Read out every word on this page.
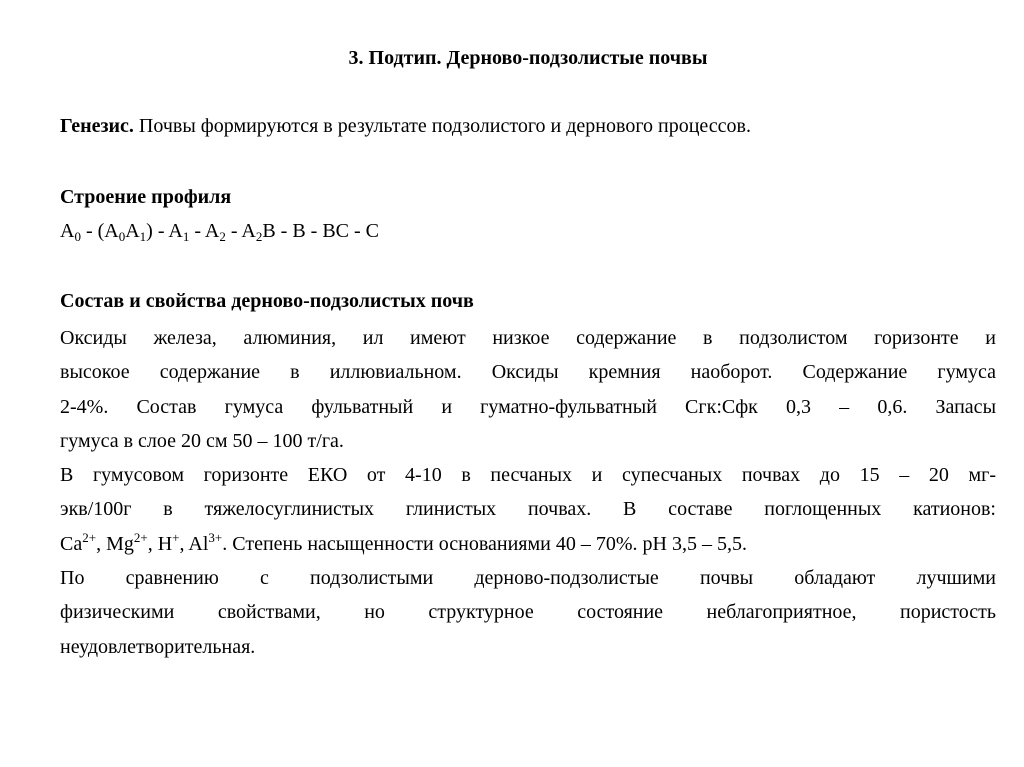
3. Подтип. Дерново-подзолистые почвы

Генезис. Почвы формируются в результате подзолистого и дернового процессов.

Строение профиля

$A_0 - (A_0A_1) - A_1 - A_2 - A_2B$ - B - BC - C

Состав и свойства дерново-подзолистых почв

Оксиды железа, алюминия, ил имеют низкое содержание в подзолистом горизонте и
высокое содержание в иллювиальном. Оксиды кремния наоборот. Содержание гумуса
2-4%. Состав гумуса фульватный и гуматно-фульватный Сгк:Сфк 0,3 – 0,6. Запасы
гумуса в слое 20 см 50 – 100 т/га.
В гумусовом горизонте ЕКО от 4-10 в песчаных и супесчаных почвах до 15 – 20 мг-
экв/100г в тяжелосуглинистых глинистых почвах. В составе поглощенных катионов:
$Са^{2+}$, $Mg^{2+}$, H+, $Al^{3+}$. Степень насыщенности основаниями 40 – 70%. рН 3,5 – 5,5.
По сравнению с подзолистыми дерново-подзолистые почвы обладают лучшими
физическими свойствами, но структурное состояние неблагоприятное, пористость
неудовлетворительная.
